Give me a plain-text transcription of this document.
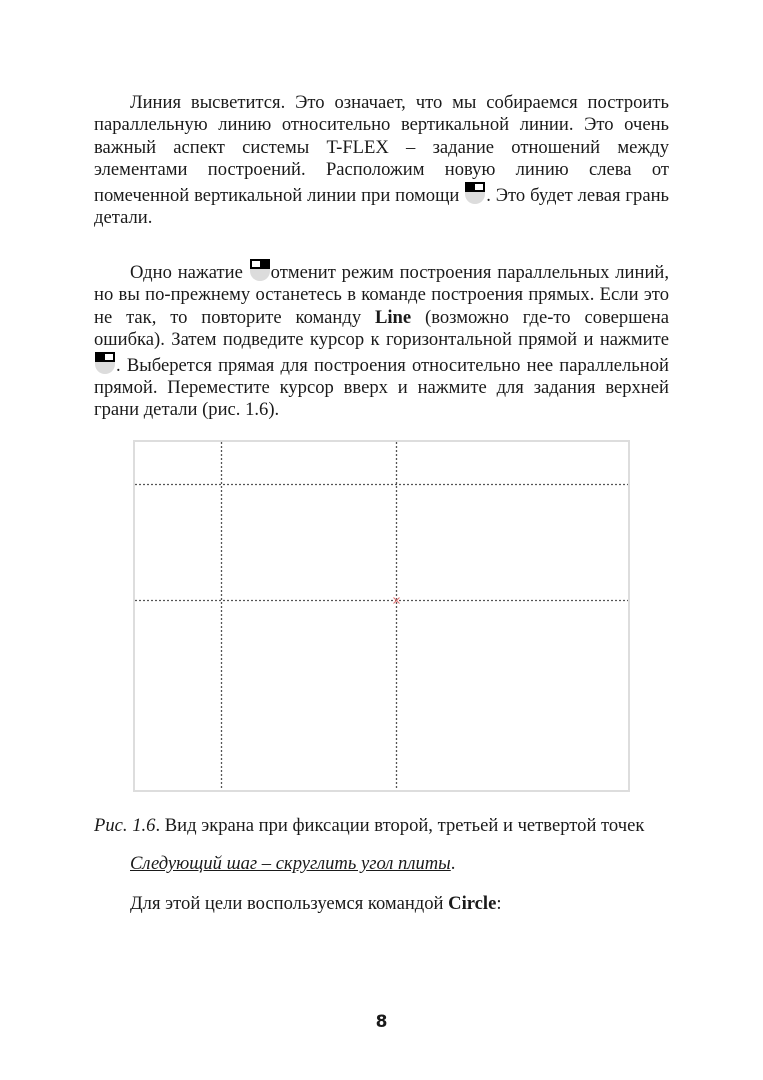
Линия высветится. Это означает, что мы собираемся построить параллельную линию относительно вертикальной линии. Это очень важный аспект системы T-FLEX – задание отношений между элементами построений. Расположим новую линию слева от помеченной вертикальной линии при помощи
. Это будет левая грань детали.

Одно нажатие
отменит режим построения параллельных линий, но вы по-прежнему останетесь в команде построения прямых. Если это не так, то повторите команду Line (возможно где-то совершена ошибка). Затем подведите курсор к горизонтальной прямой и нажмите
. Выберется прямая для построения относительно нее параллельной прямой. Переместите курсор вверх и нажмите для задания верхней грани детали (рис. 1.6).

Рис. 1.6. Вид экрана при фиксации второй, третьей и четвертой точек
Следующий шаг – скруглить угол плиты.
Для этой цели воспользуемся командой Circle:
8
